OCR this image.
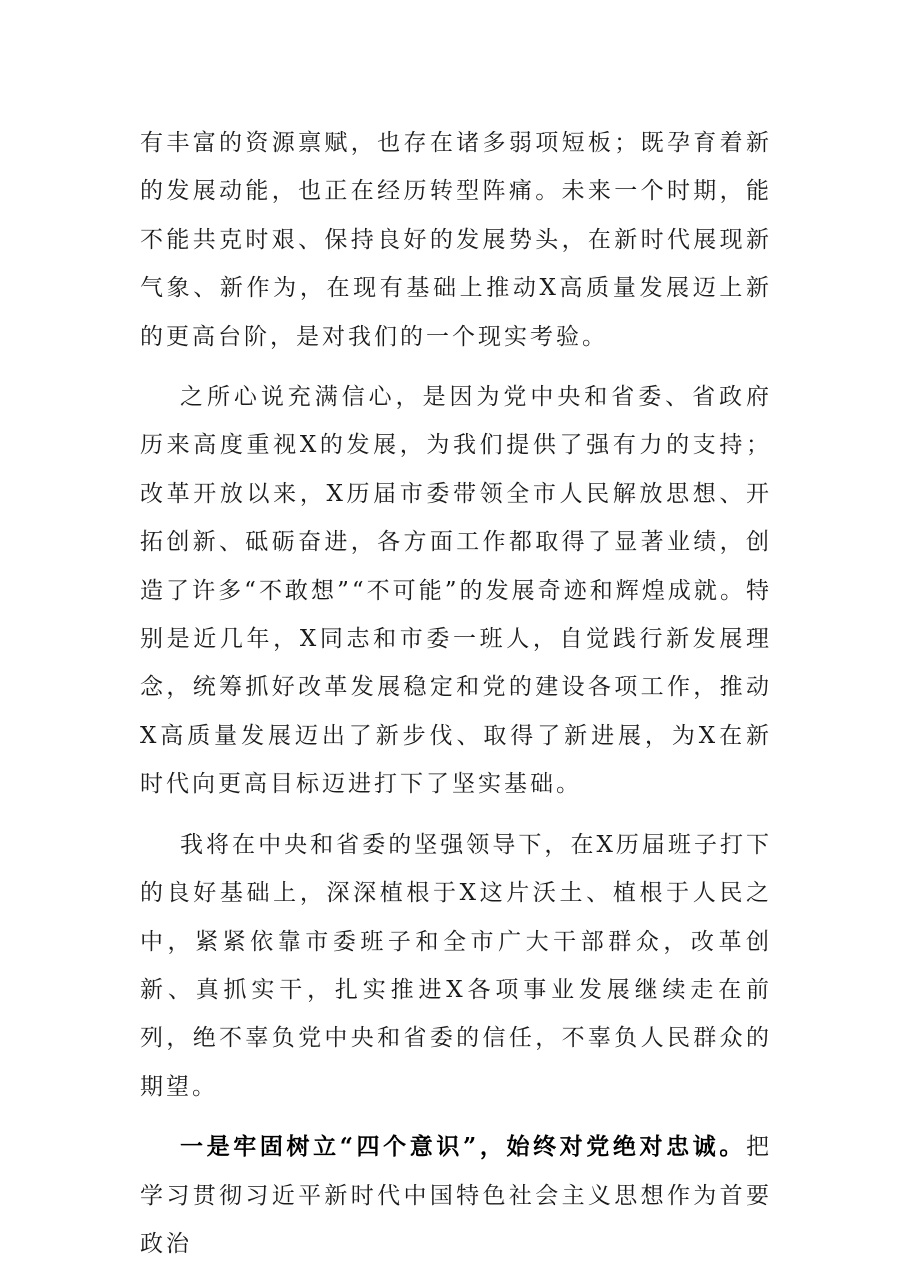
有丰富的资源禀赋，也存在诸多弱项短板；既孕育着新的发展动能，也正在经历转型阵痛。未来一个时期，能不能共克时艰、保持良好的发展势头，在新时代展现新气象、新作为，在现有基础上推动X高质量发展迈上新的更高台阶，是对我们的一个现实考验。

之所心说充满信心，是因为党中央和省委、省政府历来高度重视X的发展，为我们提供了强有力的支持；改革开放以来，X历届市委带领全市人民解放思想、开拓创新、砥砺奋进，各方面工作都取得了显著业绩，创造了许多“不敢想”“不可能”的发展奇迹和辉煌成就。特别是近几年，X同志和市委一班人，自觉践行新发展理念，统筹抓好改革发展稳定和党的建设各项工作，推动X高质量发展迈出了新步伐、取得了新进展，为X在新时代向更高目标迈进打下了坚实基础。

我将在中央和省委的坚强领导下，在X历届班子打下的良好基础上，深深植根于X这片沃土、植根于人民之中，紧紧依靠市委班子和全市广大干部群众，改革创新、真抓实干，扎实推进X各项事业发展继续走在前列，绝不辜负党中央和省委的信任，不辜负人民群众的期望。

一是牢固树立“四个意识”，始终对党绝对忠诚。把学习贯彻习近平新时代中国特色社会主义思想作为首要政治
